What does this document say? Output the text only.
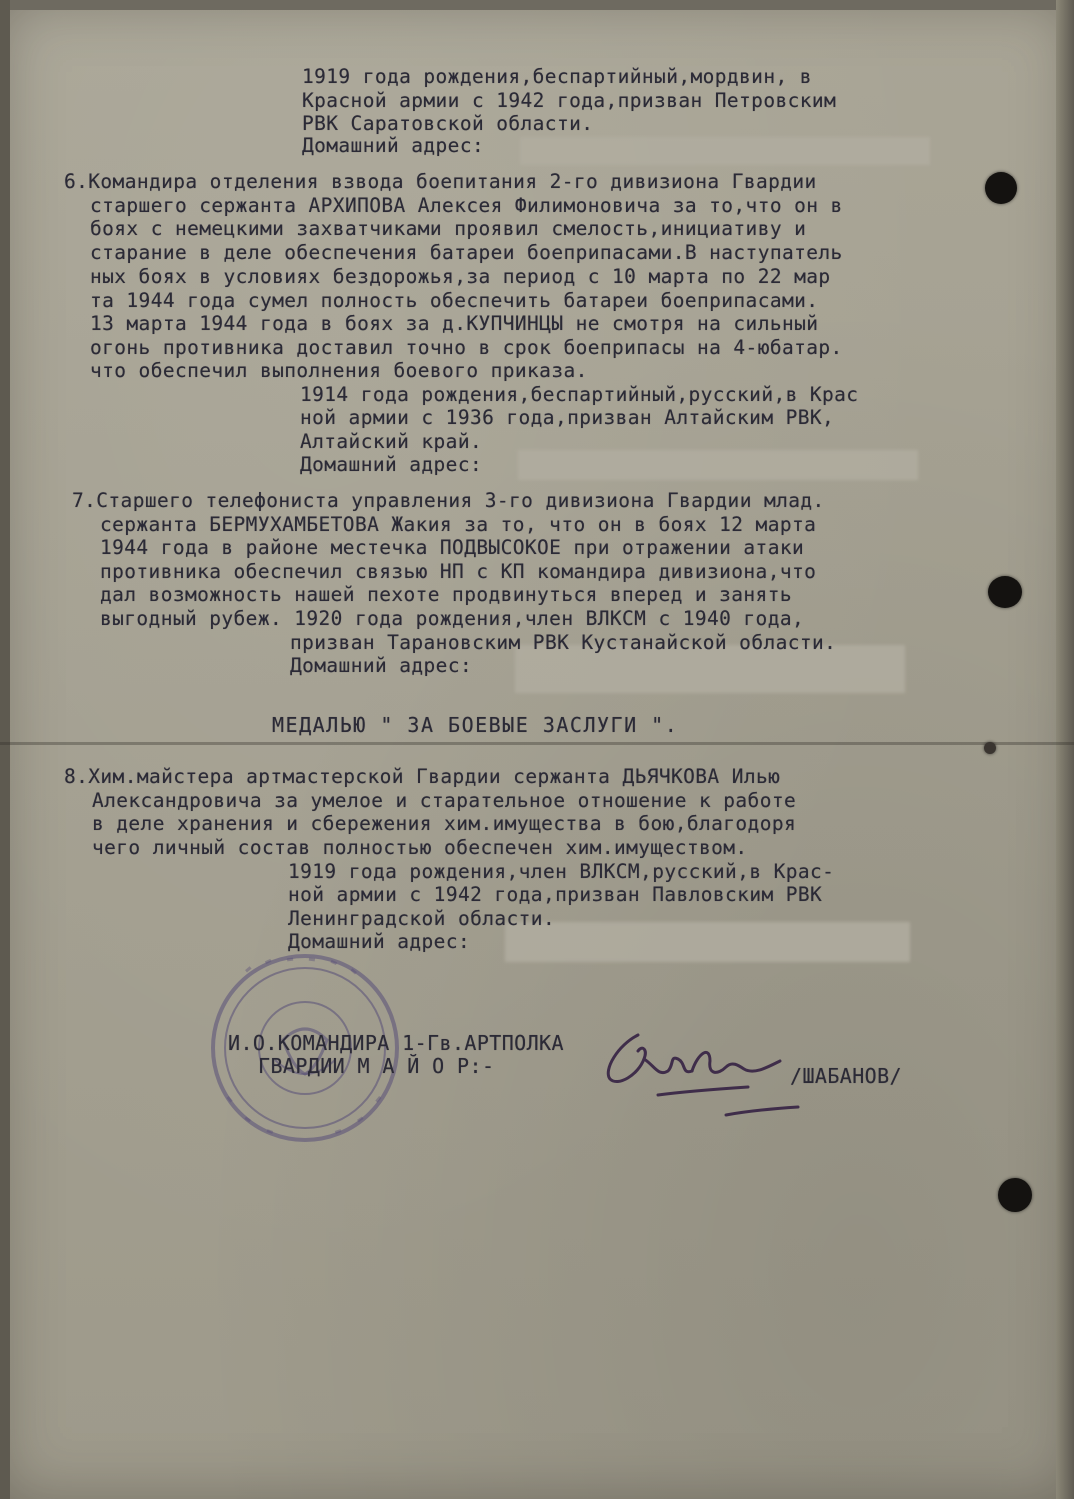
1919 года рождения,беспартийный,мордвин, в
Красной армии с 1942 года,призван Петровским
РВК Саратовской области.
Домашний адрес:
6.Командира отделения взвода боепитания 2-го дивизиона Гвардии
старшего сержанта АРХИПОВА Алексея Филимоновича за то,что он в
боях с немецкими захватчиками проявил смелость,инициативу и
старание в деле обеспечения батареи боеприпасами.В наступатель
ных боях в условиях бездорожья,за период с 10 марта по 22 мар
та 1944 года сумел полность обеспечить батареи боеприпасами.
13 марта 1944 года в боях за д.КУПЧИНЦЫ не смотря на сильный
огонь противника доставил точно в срок боеприпасы на 4-юбатар.
что обеспечил выполнения боевого приказа.
1914 года рождения,беспартийный,русский,в Крас
ной армии с 1936 года,призван Алтайским РВК,
Алтайский край.
Домашний адрес:
7.Старшего телефониста управления 3-го дивизиона Гвардии млад.
сержанта БЕРМУХАМБЕТОВА Жакия за то, что он в боях 12 марта
1944 года в районе местечка ПОДВЫСОКОЕ при отражении атаки
противника обеспечил связью НП с КП командира дивизиона,что
дал возможность нашей пехоте продвинуться вперед и занять
выгодный рубеж. 1920 года рождения,член ВЛКСМ с 1940 года,
призван Тарановским РВК Кустанайской области.
Домашний адрес:
8.Хим.майстера артмастерской Гвардии сержанта ДЬЯЧКОВА Илью
Александровича за умелое и старательное отношение к работе
в деле хранения и сбережения хим.имущества в бою,благодоря
чего личный состав полностью обеспечен хим.имуществом.
1919 года рождения,член ВЛКСМ,русский,в Крас-
ной армии с 1942 года,призван Павловским РВК
Ленинградской области.
Домашний адрес:
МЕДАЛЬЮ " ЗА БОЕВЫЕ ЗАСЛУГИ ".
И.О.КОМАНДИРА 1-Гв.АРТПОЛКА
ГВАРДИИ М А Й О Р:-	/ШАБАНОВ/
